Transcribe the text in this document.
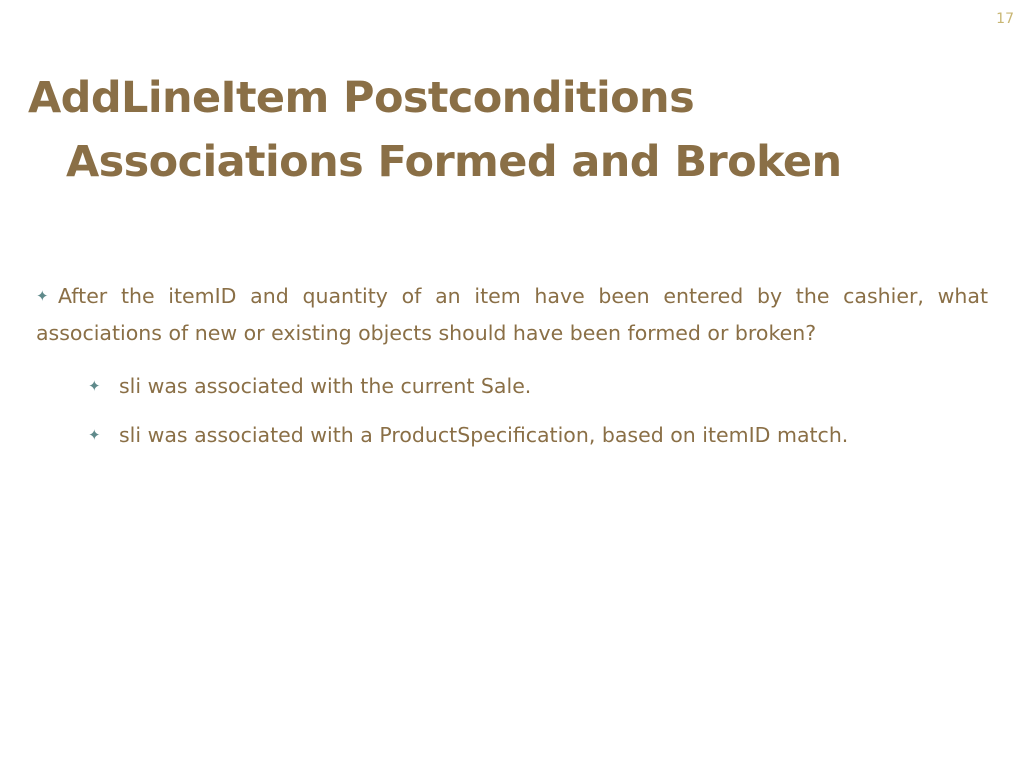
17
AddLineItem Postconditions
Associations Formed and Broken

✦ After the itemID and quantity of an item have been entered by the cashier, what associations of new or existing objects should have been formed or broken?

✦ sli was associated with the current Sale.
✦ sli was associated with a ProductSpecification, based on itemID match.
